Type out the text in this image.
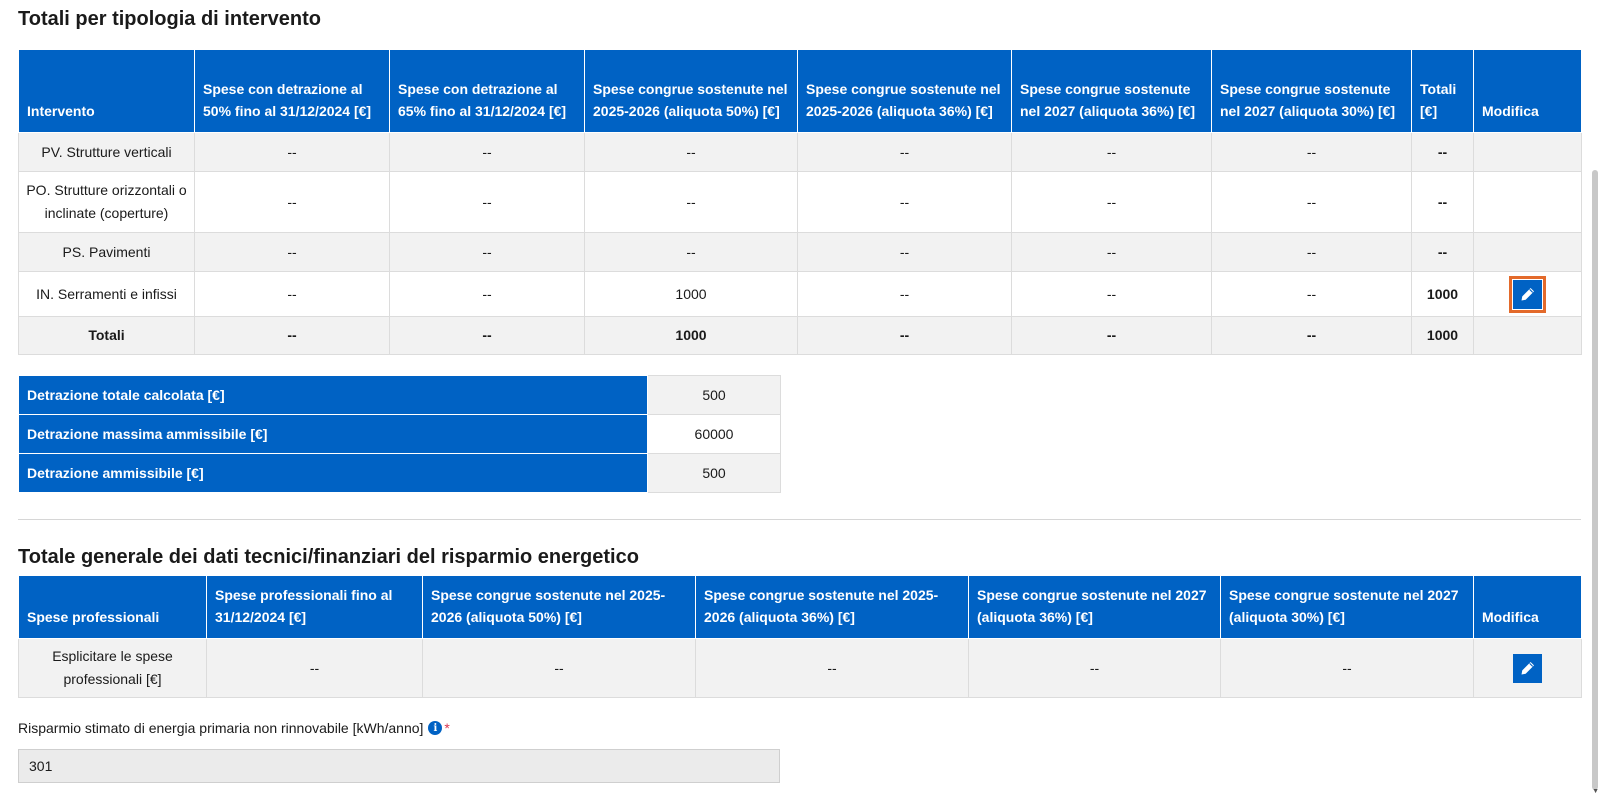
Totali per tipologia di intervento
Intervento	Spese con detrazione al 50% fino al 31/12/2024 [€]	Spese con detrazione al 65% fino al 31/12/2024 [€]	Spese congrue sostenute nel 2025-2026 (aliquota 50%) [€]	Spese congrue sostenute nel 2025-2026 (aliquota 36%) [€]	Spese congrue sostenute nel 2027 (aliquota 36%) [€]	Spese congrue sostenute nel 2027 (aliquota 30%) [€]	Totali [€]	Modifica
PV. Strutture verticali	--	--	--	--	--	--	--	
PO. Strutture orizzontali o inclinate (coperture)	--	--	--	--	--	--	--	
PS. Pavimenti	--	--	--	--	--	--	--	
IN. Serramenti e infissi	--	--	1000	--	--	--	1000	

Totali	--	--	1000	--	--	--	1000	
Detrazione totale calcolata [€]	500
Detrazione massima ammissibile [€]	60000
Detrazione ammissibile [€]	500
Totale generale dei dati tecnici/finanziari del risparmio energetico
Spese professionali	Spese professionali fino al 31/12/2024 [€]	Spese congrue sostenute nel 2025-2026 (aliquota 50%) [€]	Spese congrue sostenute nel 2025-2026 (aliquota 36%) [€]	Spese congrue sostenute nel 2027 (aliquota 36%) [€]	Spese congrue sostenute nel 2027 (aliquota 30%) [€]	Modifica
Esplicitare le spese professionali [€]	--	--	--	--	--	
Risparmio stimato di energia primaria non rinnovabile [kWh/anno]	i *
301
▼
